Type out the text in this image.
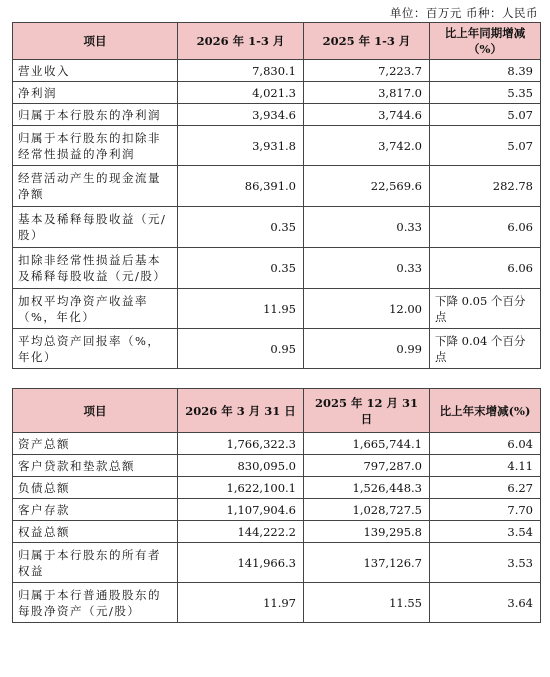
单位：百万元 币种：人民币
项目	2026 年 1-3 月	2025 年 1-3 月	比上年同期增减（%）
营业收入	7,830.1	7,223.7	8.39
净利润	4,021.3	3,817.0	5.35
归属于本行股东的净利润	3,934.6	3,744.6	5.07
归属于本行股东的扣除非经常性损益的净利润	3,931.8	3,742.0	5.07
经营活动产生的现金流量净额	86,391.0	22,569.6	282.78
基本及稀释每股收益（元/股）	0.35	0.33	6.06
扣除非经常性损益后基本及稀释每股收益（元/股）	0.35	0.33	6.06
加权平均净资产收益率（%，年化）	11.95	12.00	下降 0.05 个百分点
平均总资产回报率（%，年化）	0.95	0.99	下降 0.04 个百分点
项目	2026 年 3 月 31 日	2025 年 12 月 31 日	比上年末增减(%)
资产总额	1,766,322.3	1,665,744.1	6.04
客户贷款和垫款总额	830,095.0	797,287.0	4.11
负债总额	1,622,100.1	1,526,448.3	6.27
客户存款	1,107,904.6	1,028,727.5	7.70
权益总额	144,222.2	139,295.8	3.54
归属于本行股东的所有者权益	141,966.3	137,126.7	3.53
归属于本行普通股股东的每股净资产（元/股）	11.97	11.55	3.64
